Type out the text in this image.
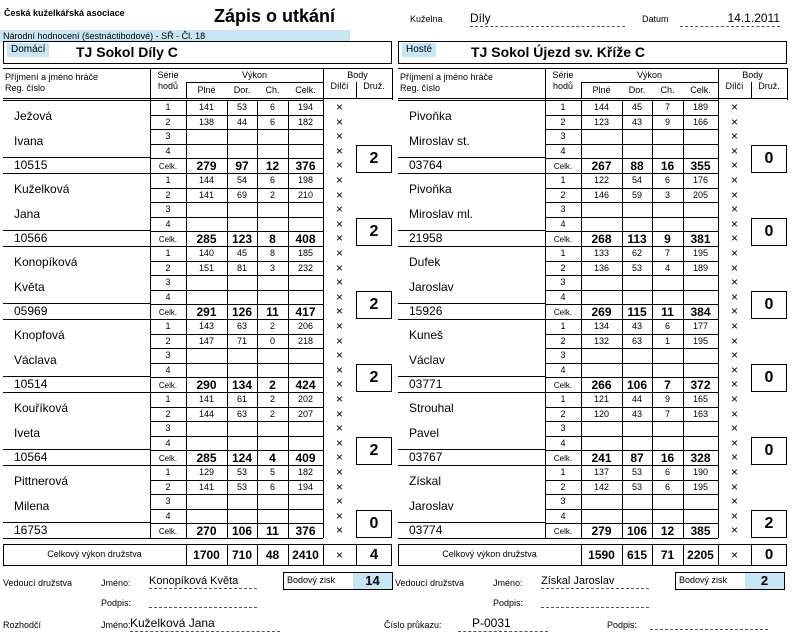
Česká kuželkářská asociace	Zápis o utkání
Národní hodnocení (šestnáctibodové) - SŘ - Čl. 18
Kuželna Díly	Datum	14.1.2011
Domácí TJ Sokol Díly C
Příjmení a jméno hráče
Reg. číslo
Série
hodů
Výkon
Plné	Dor.	Ch.	Celk.
Body
Dílčí	Druž.
Ježová
Ivana
10515
1	141	53	6	194	×
2	138	44	6	182	×
3	×
4	×
Celk.	279	97	12	376	×	2
Kuželková
Jana
10566
1	144	54	6	198	×
2	141	69	2	210	×
3	×
4	×
Celk.	285	123	8	408	×	2
Konopíková
Květa
05969
1	140	45	8	185	×
2	151	81	3	232	×
3	×
4	×
Celk.	291	126	11	417	×	2
Knopfová
Václava
10514
1	143	63	2	206	×
2	147	71	0	218	×
3	×
4	×
Celk.	290	134	2	424	×	2
Kouříková
Iveta
10564
1	141	61	2	202	×
2	144	63	2	207	×
3	×
4	×
Celk.	285	124	4	409	×	2
Pittnerová
Milena
16753
1	129	53	5	182	×
2	141	53	6	194	×
3	×
4	×
Celk.	270	106	11	376	×	0
Celkový výkon družstva	1700	710	48	2410	×	4
Hosté	TJ Sokol Újezd sv. Kříže C
Příjmení a jméno hráče
Reg. číslo
Série
hodů
Výkon
Plné	Dor.	Ch.	Celk.
Body
Dílčí	Druž.
Pivoňka
Miroslav st.
03764
1	144	45	7	189	×
2	123	43	9	166	×
3	×
4	×
Celk.	267	88	16	355	×	0
Pivoňka
Miroslav ml.
21958
1	122	54	6	176	×
2	146	59	3	205	×
3	×
4	×
Celk.	268	113	9	381	×	0
Dufek
Jaroslav
15926
1	133	62	7	195	×
2	136	53	4	189	×
3	×
4	×
Celk.	269	115	11	384	×	0
Kuneš
Václav
03771
1	134	43	6	177	×
2	132	63	1	195	×
3	×
4	×
Celk.	266	106	7	372	×	0
Strouhal
Pavel
03767
1	121	44	9	165	×
2	120	43	7	163	×
3	×
4	×
Celk.	241	87	16	328	×	0
Získal
Jaroslav
03774
1	137	53	6	190	×
2	142	53	6	195	×
3	×
4	×
Celk.	279	106	12	385	×	2
Celkový výkon družstva	1590	615	71	2205	×	0
Bodový zisk	14
Vedoucí družstva	Jméno: Konopíková Květa
Podpis:
Bodový zisk	2
Vedoucí družstva	Jméno: Získal Jaroslav
Podpis:
Rozhodčí	Jméno: Kuželková Jana	Číslo průkazu:	P-0031	Podpis:
